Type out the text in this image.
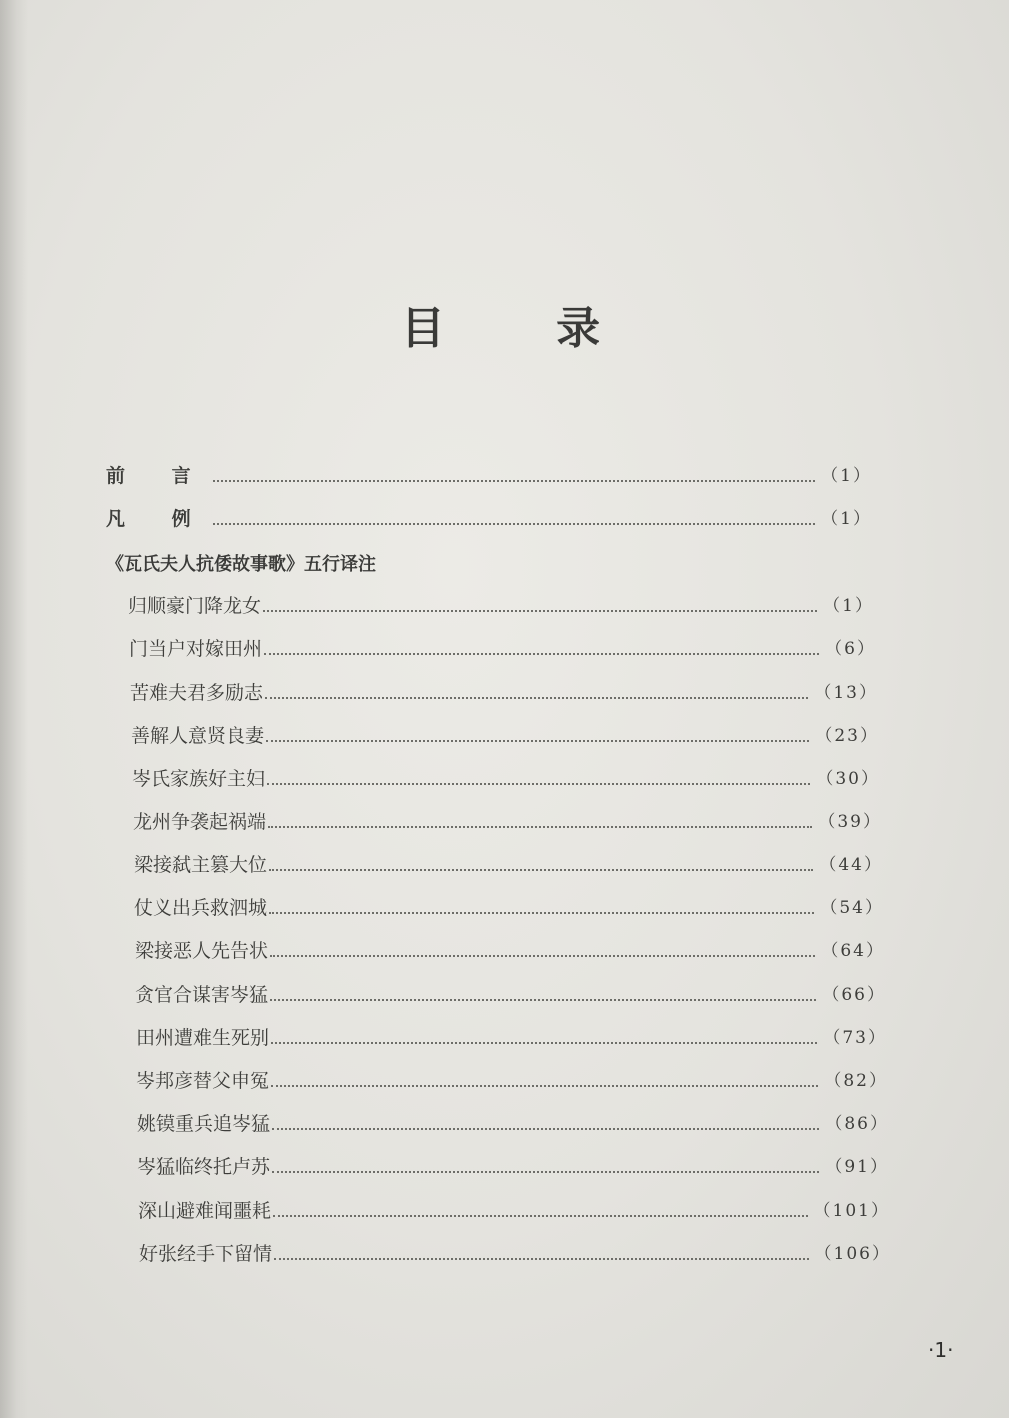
目 录
前 言	（1）
凡 例	（1）
《瓦氏夫人抗倭故事歌》五行译注
归顺豪门降龙女	（1）
门当户对嫁田州	（6）
苦难夫君多励志	（13）
善解人意贤良妻	（23）
岑氏家族好主妇	（30）
龙州争袭起祸端	（39）
梁接弑主篡大位	（44）
仗义出兵救泗城	（54）
梁接恶人先告状	（64）
贪官合谋害岑猛	（66）
田州遭难生死别	（73）
岑邦彦替父申冤	（82）
姚镆重兵追岑猛	（86）
岑猛临终托卢苏	（91）
深山避难闻噩耗	（101）
好张经手下留情	（106）
·1·
